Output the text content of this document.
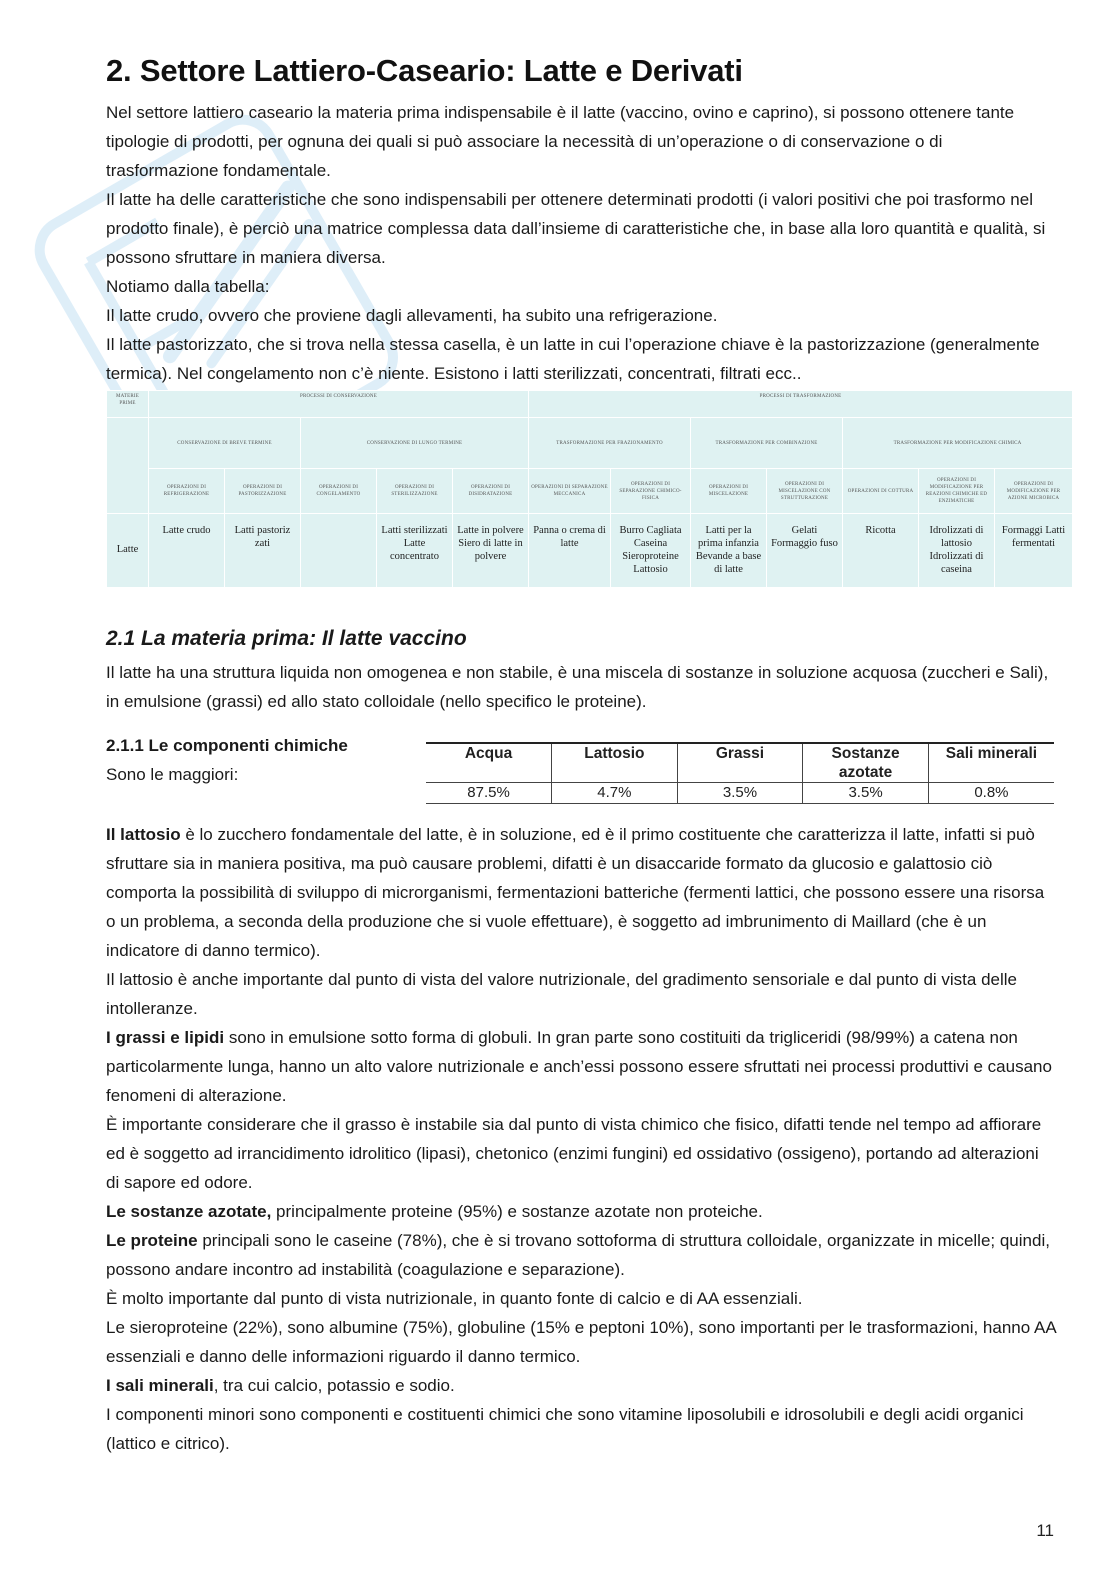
2. Settore Lattiero-Caseario: Latte e Derivati

Nel settore lattiero caseario la materia prima indispensabile è il latte (vaccino, ovino e caprino), si possono ottenere tante tipologie di prodotti, per ognuna dei quali si può associare la necessità di un’operazione o di conservazione o di trasformazione fondamentale.

Il latte ha delle caratteristiche che sono indispensabili per ottenere determinati prodotti (i valori positivi che poi trasformo nel prodotto finale), è perciò una matrice complessa data dall’insieme di caratteristiche che, in base alla loro quantità e qualità, si possono sfruttare in maniera diversa.

Notiamo dalla tabella:

Il latte crudo, ovvero che proviene dagli allevamenti, ha subito una refrigerazione.

Il latte pastorizzato, che si trova nella stessa casella, è un latte in cui l’operazione chiave è la pastorizzazione (generalmente termica). Nel congelamento non c’è niente. Esistono i latti sterilizzati, concentrati, filtrati ecc..

MATERIE PRIME	PROCESSI DI CONSERVAZIONE					PROCESSI DI TRASFORMAZIONE						
	CONSERVAZIONE DI BREVE TERMINE		CONSERVAZIONE DI LUNGO TERMINE			TRASFORMAZIONE PER FRAZIONAMENTO		TRASFORMAZIONE PER COMBINAZIONE		TRASFORMAZIONE PER MODIFICAZIONE CHIMICA		
	OPERAZIONI DI REFRIGERAZIONE	OPERAZIONI DI PASTORIZZAZIONE	OPERAZIONI DI CONGELAMENTO	OPERAZIONI DI STERILIZZAZIONE	OPERAZIONI DI DISIDRATAZIONE	OPERAZIONI DI SEPARAZIONE MECCANICA	OPERAZIONI DI SEPARAZIONE CHIMICO-FISICA	OPERAZIONI DI MISCELAZIONE	OPERAZIONI DI MISCELAZIONE CON STRUTTURAZIONE	OPERAZIONI DI COTTURA	OPERAZIONI DI MODIFICAZIONE PER REAZIONI CHIMICHE ED ENZIMATICHE	OPERAZIONI DI MODIFICAZIONE PER AZIONE MICROBICA
Latte	Latte crudo	Latti pastoriz zati		Latti sterilizzati Latte concentrato	Latte in polvere Siero di latte in polvere	Panna o crema di latte	Burro Cagliata Caseina Sieroproteine Lattosio	Latti per la prima infanzia Bevande a base di latte	Gelati Formaggio fuso	Ricotta	Idrolizzati di lattosio Idrolizzati di caseina	Formaggi Latti fermentati
2.1 La materia prima: Il latte vaccino

Il latte ha una struttura liquida non omogenea e non stabile, è una miscela di sostanze in soluzione acquosa (zuccheri e Sali), in emulsione (grassi) ed allo stato colloidale (nello specifico le proteine).

2.1.1 Le componenti chimiche

Sono le maggiori:

Acqua	Lattosio	Grassi	Sostanze azotate	Sali minerali
87.5%	4.7%	3.5%	3.5%	0.8%

Il lattosio è lo zucchero fondamentale del latte, è in soluzione, ed è il primo costituente che caratterizza il latte, infatti si può sfruttare sia in maniera positiva, ma può causare problemi, difatti è un disaccaride formato da glucosio e galattosio ciò comporta la possibilità di sviluppo di microrganismi, fermentazioni batteriche (fermenti lattici, che possono essere una risorsa o un problema, a seconda della produzione che si vuole effettuare), è soggetto ad imbrunimento di Maillard (che è un indicatore di danno termico).

Il lattosio è anche importante dal punto di vista del valore nutrizionale, del gradimento sensoriale e dal punto di vista delle intolleranze.

I grassi e lipidi sono in emulsione sotto forma di globuli. In gran parte sono costituiti da trigliceridi (98/99%) a catena non particolarmente lunga, hanno un alto valore nutrizionale e anch’essi possono essere sfruttati nei processi produttivi e causano fenomeni di alterazione.

È importante considerare che il grasso è instabile sia dal punto di vista chimico che fisico, difatti tende nel tempo ad affiorare ed è soggetto ad irrancidimento idrolitico (lipasi), chetonico (enzimi fungini) ed ossidativo (ossigeno), portando ad alterazioni di sapore ed odore.

Le sostanze azotate, principalmente proteine (95%) e sostanze azotate non proteiche.

Le proteine principali sono le caseine (78%), che è si trovano sottoforma di struttura colloidale, organizzate in micelle; quindi, possono andare incontro ad instabilità (coagulazione e separazione).

È molto importante dal punto di vista nutrizionale, in quanto fonte di calcio e di AA essenziali.

Le sieroproteine (22%), sono albumine (75%), globuline (15% e peptoni 10%), sono importanti per le trasformazioni, hanno AA essenziali e danno delle informazioni riguardo il danno termico.

I sali minerali, tra cui calcio, potassio e sodio.

I componenti minori sono componenti e costituenti chimici che sono vitamine liposolubili e idrosolubili e degli acidi organici (lattico e citrico).

11
